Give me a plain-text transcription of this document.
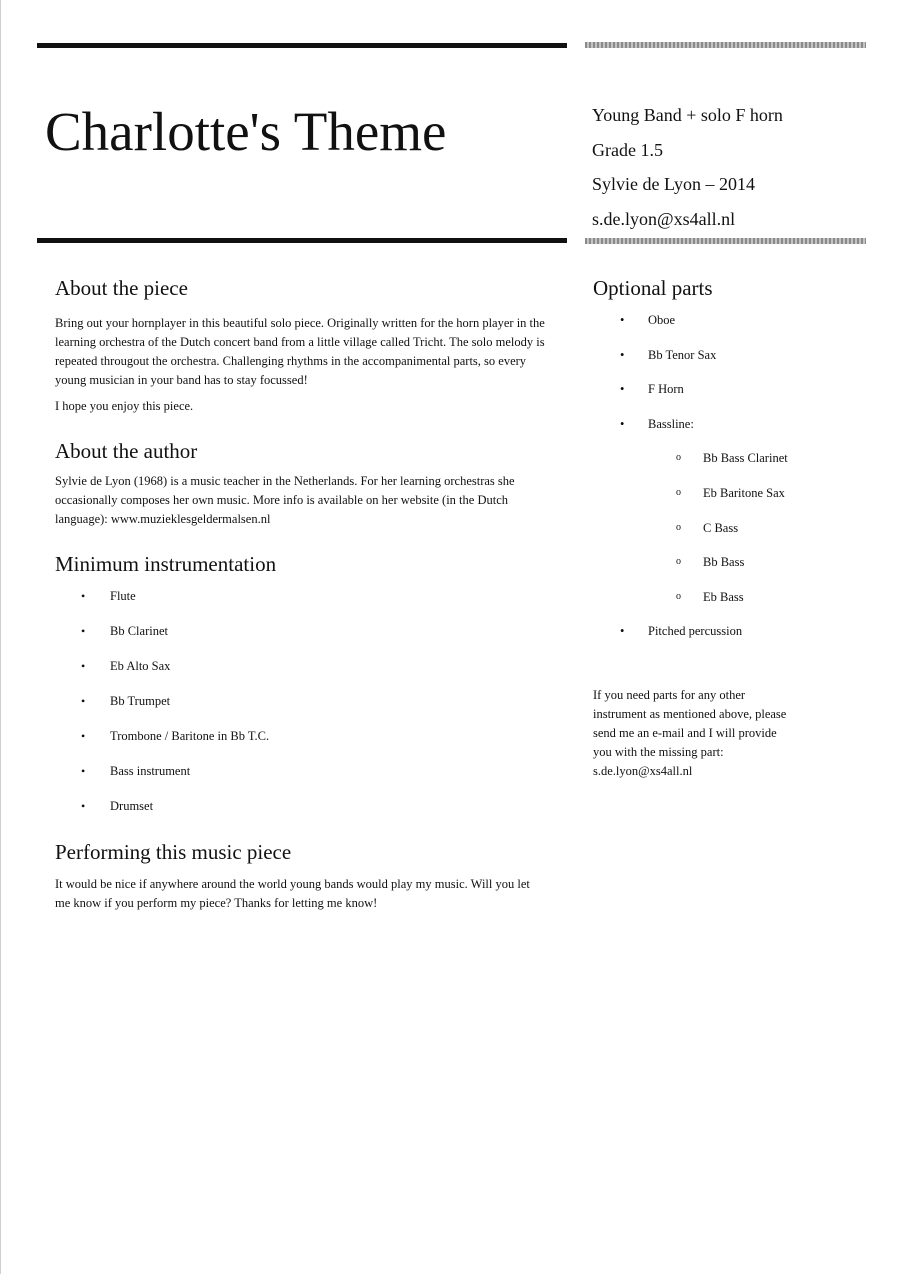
Charlotte's Theme	Young Band + solo F horn
Grade 1.5
Sylvie de Lyon – 2014
s.de.lyon@xs4all.nl
About the piece

Bring out your hornplayer in this beautiful solo piece. Originally written for the horn player in the learning orchestra of the Dutch concert band from a little village called Tricht. The solo melody is repeated througout the orchestra. Challenging rhythms in the accompanimental parts, so every young musician in your band has to stay focussed!

I hope you enjoy this piece.

About the author

Sylvie de Lyon (1968) is a music teacher in the Netherlands. For her learning orchestras she occasionally composes her own music. More info is available on her website (in the Dutch language): www.muzieklesgeldermalsen.nl

Minimum instrumentation
• Flute
• Bb Clarinet
• Eb Alto Sax
• Bb Trumpet
• Trombone / Baritone in Bb T.C.
• Bass instrument
• Drumset
Performing this music piece

It would be nice if anywhere around the world young bands would play my music. Will you let me know if you perform my piece? Thanks for letting me know!

Optional parts
• Oboe
• Bb Tenor Sax
• F Horn
• Bassline:
o Bb Bass Clarinet
o Eb Baritone Sax
o C Bass
o Bb Bass
o Eb Bass
• Pitched percussion

If you need parts for any other

instrument as mentioned above, please

send me an e-mail and I will provide

you with the missing part:

s.de.lyon@xs4all.nl
